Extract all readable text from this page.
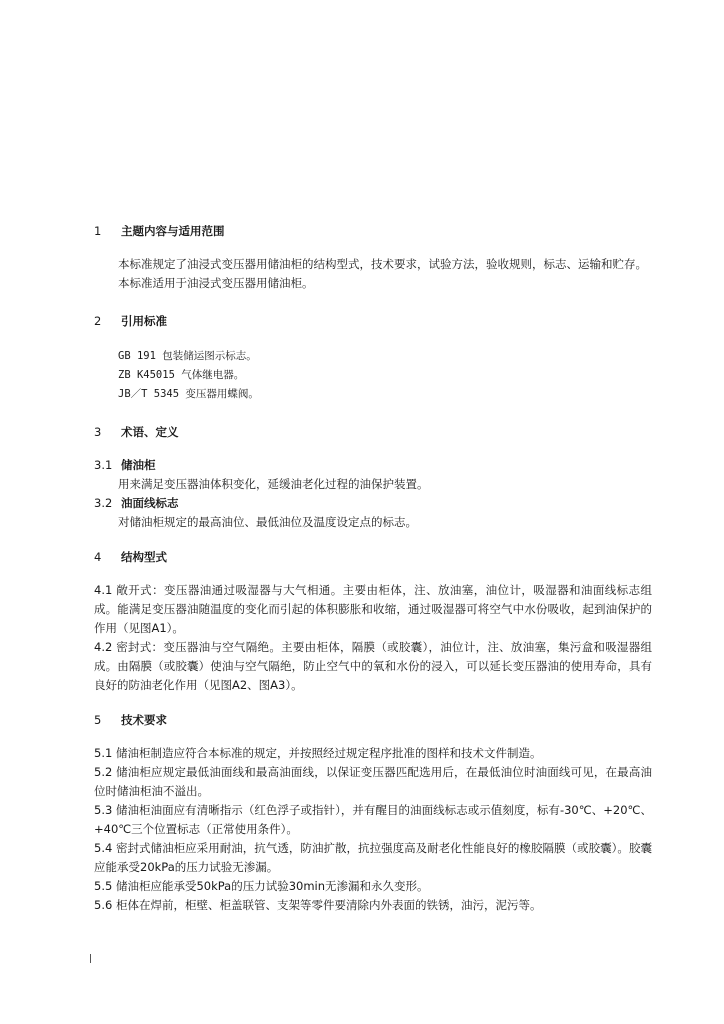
1	主题内容与适用范围

本标准规定了油浸式变压器用储油柜的结构型式，技术要求，试验方法，验收规则，标志、运输和贮存。

本标准适用于油浸式变压器用储油柜。

2	引用标准
GB 191 包装储运图示标志。
ZB K45015 气体继电器。
JB／T 5345 变压器用蝶阀。
3	术语、定义
3.1 储油柜

用来满足变压器油体积变化，延缓油老化过程的油保护装置。

3.2 油面线标志

对储油柜规定的最高油位、最低油位及温度设定点的标志。

4	结构型式

4.1 敞开式：变压器油通过吸湿器与大气相通。主要由柜体，注、放油塞，油位计，吸湿器和油面线标志组成。能满足变压器油随温度的变化而引起的体积膨胀和收缩，通过吸湿器可将空气中水份吸收，起到油保护的作用（见图A1）。

4.2 密封式：变压器油与空气隔绝。主要由柜体，隔膜（或胶囊），油位计，注、放油塞，集污盒和吸湿器组成。由隔膜（或胶囊）使油与空气隔绝，防止空气中的氧和水份的浸入，可以延长变压器油的使用寿命，具有良好的防油老化作用（见图A2、图A3）。

5	技术要求

5.1 储油柜制造应符合本标准的规定，并按照经过规定程序批准的图样和技术文件制造。

5.2 储油柜应规定最低油面线和最高油面线，以保证变压器匹配选用后，在最低油位时油面线可见，在最高油位时储油柜油不溢出。

5.3 储油柜油面应有清晰指示（红色浮子或指针），并有醒目的油面线标志或示值刻度，标有-30℃、+20℃、+40℃三个位置标志（正常使用条件）。

5.4 密封式储油柜应采用耐油，抗气透，防油扩散，抗拉强度高及耐老化性能良好的橡胶隔膜（或胶囊）。胶囊应能承受20kPa的压力试验无渗漏。

5.5 储油柜应能承受50kPa的压力试验30min无渗漏和永久变形。

5.6 柜体在焊前，柜壁、柜盖联管、支架等零件要清除内外表面的铁锈，油污，泥污等。
